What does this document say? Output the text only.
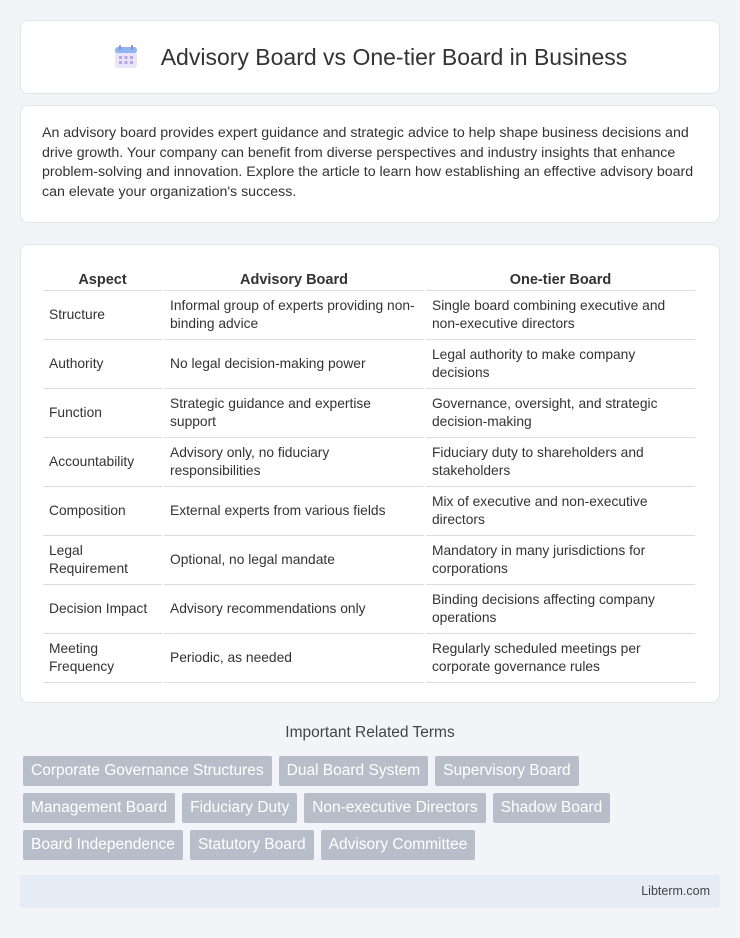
Advisory Board vs One-tier Board in Business

An advisory board provides expert guidance and strategic advice to help shape business decisions and drive growth. Your company can benefit from diverse perspectives and industry insights that enhance problem-solving and innovation. Explore the article to learn how establishing an effective advisory board can elevate your organization's success.

Aspect	Advisory Board	One-tier Board
Structure	Informal group of experts providing non-binding advice	Single board combining executive and non-executive directors
Authority	No legal decision-making power	Legal authority to make company decisions
Function	Strategic guidance and expertise support	Governance, oversight, and strategic decision-making
Accountability	Advisory only, no fiduciary responsibilities	Fiduciary duty to shareholders and stakeholders
Composition	External experts from various fields	Mix of executive and non-executive directors
Legal Requirement	Optional, no legal mandate	Mandatory in many jurisdictions for corporations
Decision Impact	Advisory recommendations only	Binding decisions affecting company operations
Meeting Frequency	Periodic, as needed	Regularly scheduled meetings per corporate governance rules
Important Related Terms
Corporate Governance Structures	Dual Board System	Supervisory Board
Management Board	Fiduciary Duty	Non-executive Directors	Shadow Board
Board Independence	Statutory Board	Advisory Committee
Libterm.com
